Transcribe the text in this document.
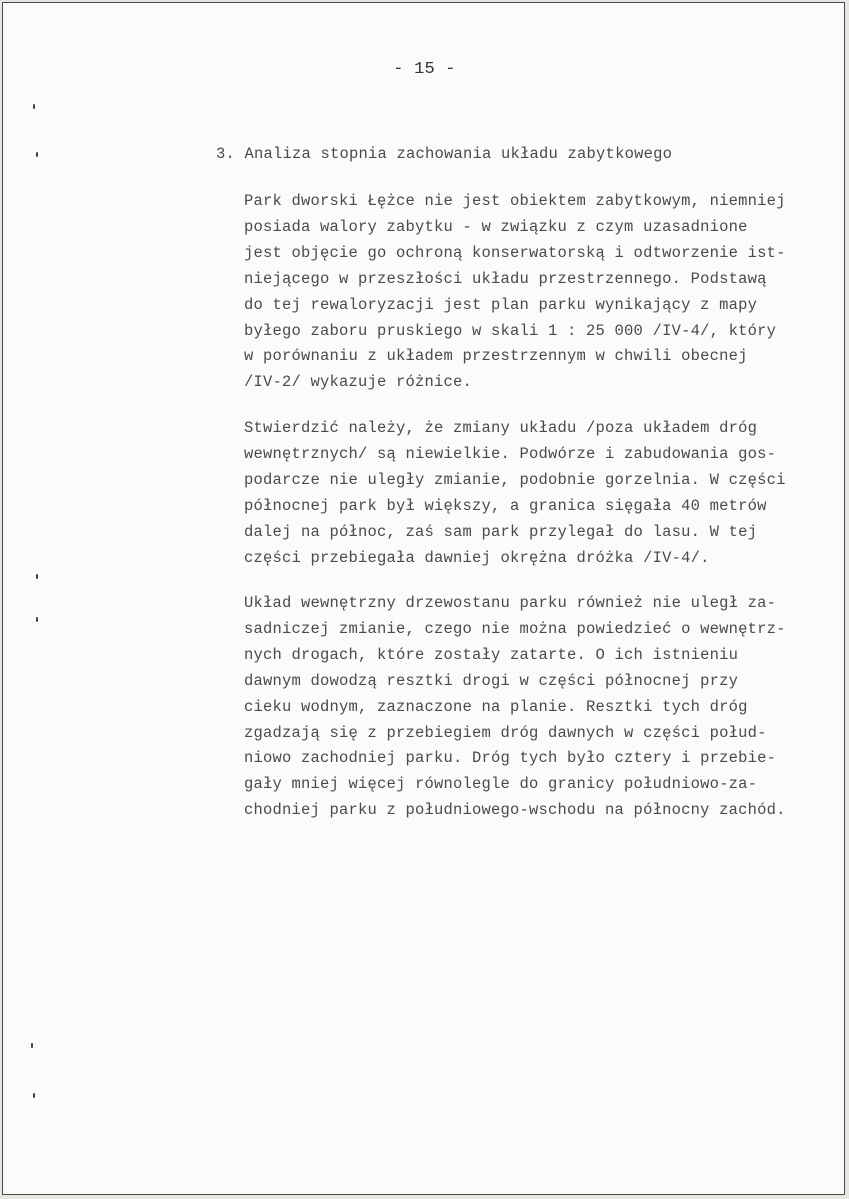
- 15 -
3. Analiza stopnia zachowania układu zabytkowego
Park dworski Łężce nie jest obiektem zabytkowym, niemniej
posiada walory zabytku - w związku z czym uzasadnione
jest objęcie go ochroną konserwatorską i odtworzenie ist-
niejącego w przeszłości układu przestrzennego. Podstawą
do tej rewaloryzacji jest plan parku wynikający z mapy
byłego zaboru pruskiego w skali 1 : 25 000 /IV-4/, który
w porównaniu z układem przestrzennym w chwili obecnej
/IV-2/ wykazuje różnice.
Stwierdzić należy, że zmiany układu /poza układem dróg
wewnętrznych/ są niewielkie. Podwórze i zabudowania gos-
podarcze nie uległy zmianie, podobnie gorzelnia. W części
północnej park był większy, a granica sięgała 40 metrów
dalej na północ, zaś sam park przylegał do lasu. W tej
części przebiegała dawniej okrężna dróżka /IV-4/.
Układ wewnętrzny drzewostanu parku również nie uległ za-
sadniczej zmianie, czego nie można powiedzieć o wewnętrz-
nych drogach, które zostały zatarte. O ich istnieniu
dawnym dowodzą resztki drogi w części północnej przy
cieku wodnym, zaznaczone na planie. Resztki tych dróg
zgadzają się z przebiegiem dróg dawnych w części połud-
niowo zachodniej parku. Dróg tych było cztery i przebie-
gały mniej więcej równolegle do granicy południowo-za-
chodniej parku z południowego-wschodu na północny zachód.
